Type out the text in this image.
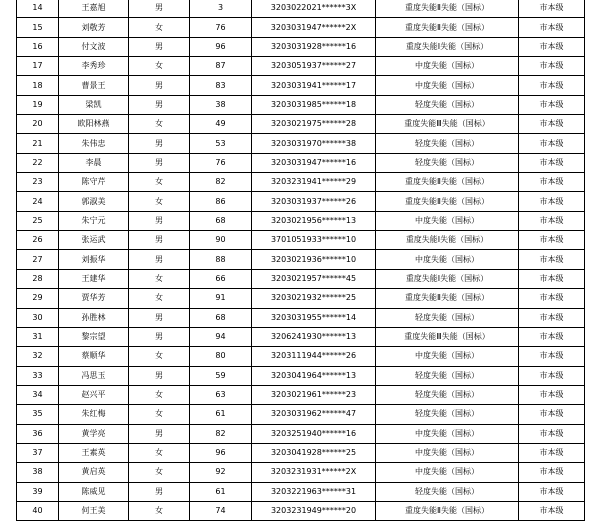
14	王嘉旭	男	3	3203022021******3X	重度失能Ⅱ失能（国标）	市本级
15	刘敬芳	女	76	3203031947******2X	重度失能Ⅱ失能（国标）	市本级
16	付文波	男	96	3203031928******16	重度失能Ⅰ失能（国标）	市本级
17	李秀珍	女	87	3203051937******27	中度失能（国标）	市本级
18	曹景王	男	83	3203031941******17	中度失能（国标）	市本级
19	梁凯	男	38	3203031985******18	轻度失能（国标）	市本级
20	欧阳林燕	女	49	3203021975******28	重度失能Ⅲ失能（国标）	市本级
21	朱伟忠	男	53	3203031970******38	轻度失能（国标）	市本级
22	李晨	男	76	3203031947******16	轻度失能（国标）	市本级
23	陈守芹	女	82	3203231941******29	重度失能Ⅱ失能（国标）	市本级
24	郭淑美	女	86	3203031937******26	重度失能Ⅱ失能（国标）	市本级
25	朱宁元	男	68	3203021956******13	中度失能（国标）	市本级
26	张运武	男	90	3701051933******10	重度失能Ⅰ失能（国标）	市本级
27	刘振华	男	88	3203021936******10	中度失能（国标）	市本级
28	王建华	女	66	3203021957******45	重度失能Ⅰ失能（国标）	市本级
29	贾华芳	女	91	3203021932******25	重度失能Ⅱ失能（国标）	市本级
30	孙胜林	男	68	3203031955******14	轻度失能（国标）	市本级
31	黎宗望	男	94	3206241930******13	重度失能Ⅲ失能（国标）	市本级
32	蔡顺华	女	80	3203111944******26	中度失能（国标）	市本级
33	冯思玉	男	59	3203041964******13	轻度失能（国标）	市本级
34	赵兴平	女	63	3203021961******23	轻度失能（国标）	市本级
35	朱红梅	女	61	3203031962******47	轻度失能（国标）	市本级
36	黄学亮	男	82	3203251940******16	中度失能（国标）	市本级
37	王素英	女	96	3203041928******25	中度失能（国标）	市本级
38	黄启英	女	92	3203231931******2X	中度失能（国标）	市本级
39	陈威见	男	61	3203221963******31	轻度失能（国标）	市本级
40	何王美	女	74	3203231949******20	重度失能Ⅱ失能（国标）	市本级
